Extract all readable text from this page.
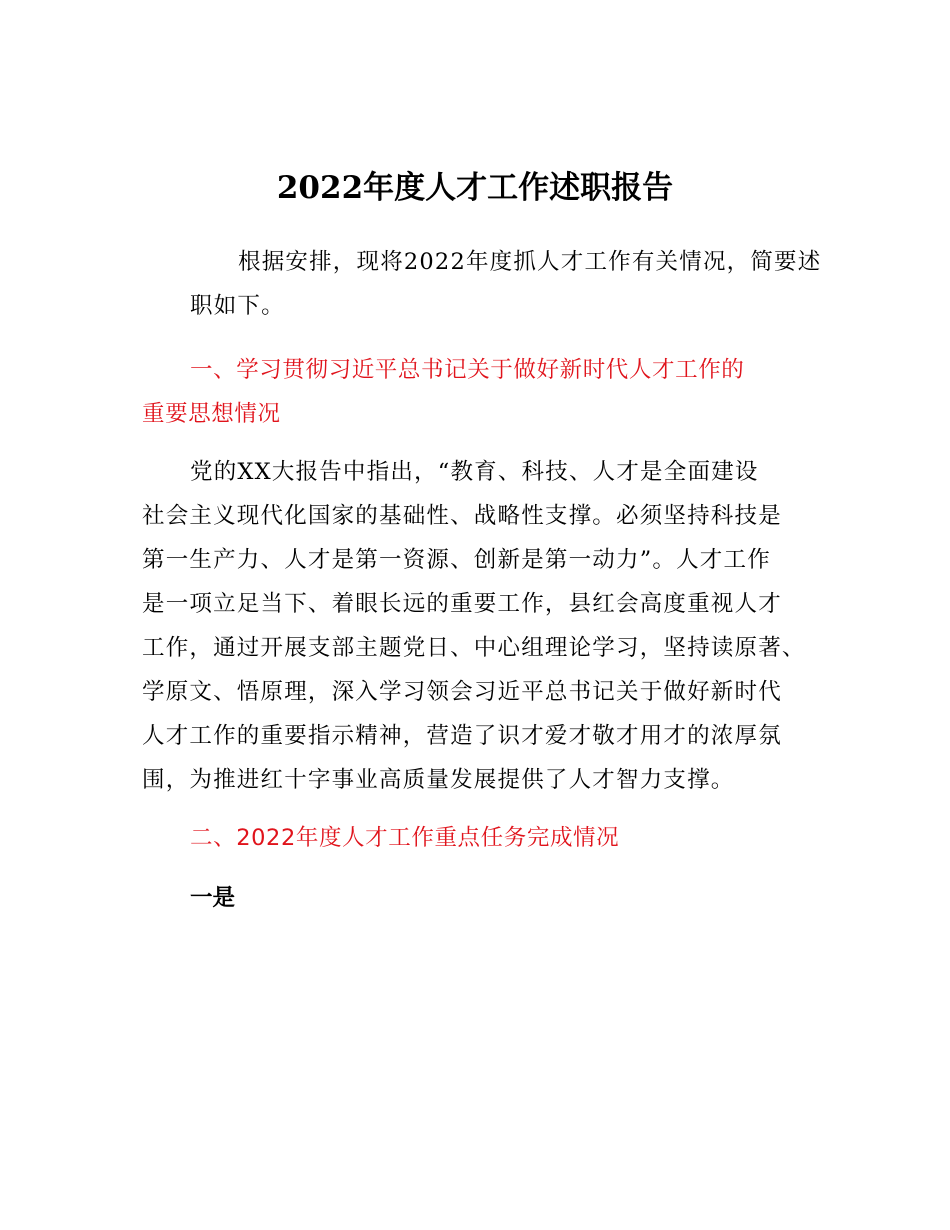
2022年度人才工作述职报告

根据安排，现将2022年度抓人才工作有关情况，简要述
职如下。

一、学习贯彻习近平总书记关于做好新时代人才工作的
重要思想情况

党的XX大报告中指出，“教育、科技、人才是全面建设
社会主义现代化国家的基础性、战略性支撑。必须坚持科技是
第一生产力、人才是第一资源、创新是第一动力”。人才工作
是一项立足当下、着眼长远的重要工作，县红会高度重视人才
工作，通过开展支部主题党日、中心组理论学习，坚持读原著、
学原文、悟原理，深入学习领会习近平总书记关于做好新时代
人才工作的重要指示精神，营造了识才爱才敬才用才的浓厚氛
围，为推进红十字事业高质量发展提供了人才智力支撑。

二、2022年度人才工作重点任务完成情况

一是
